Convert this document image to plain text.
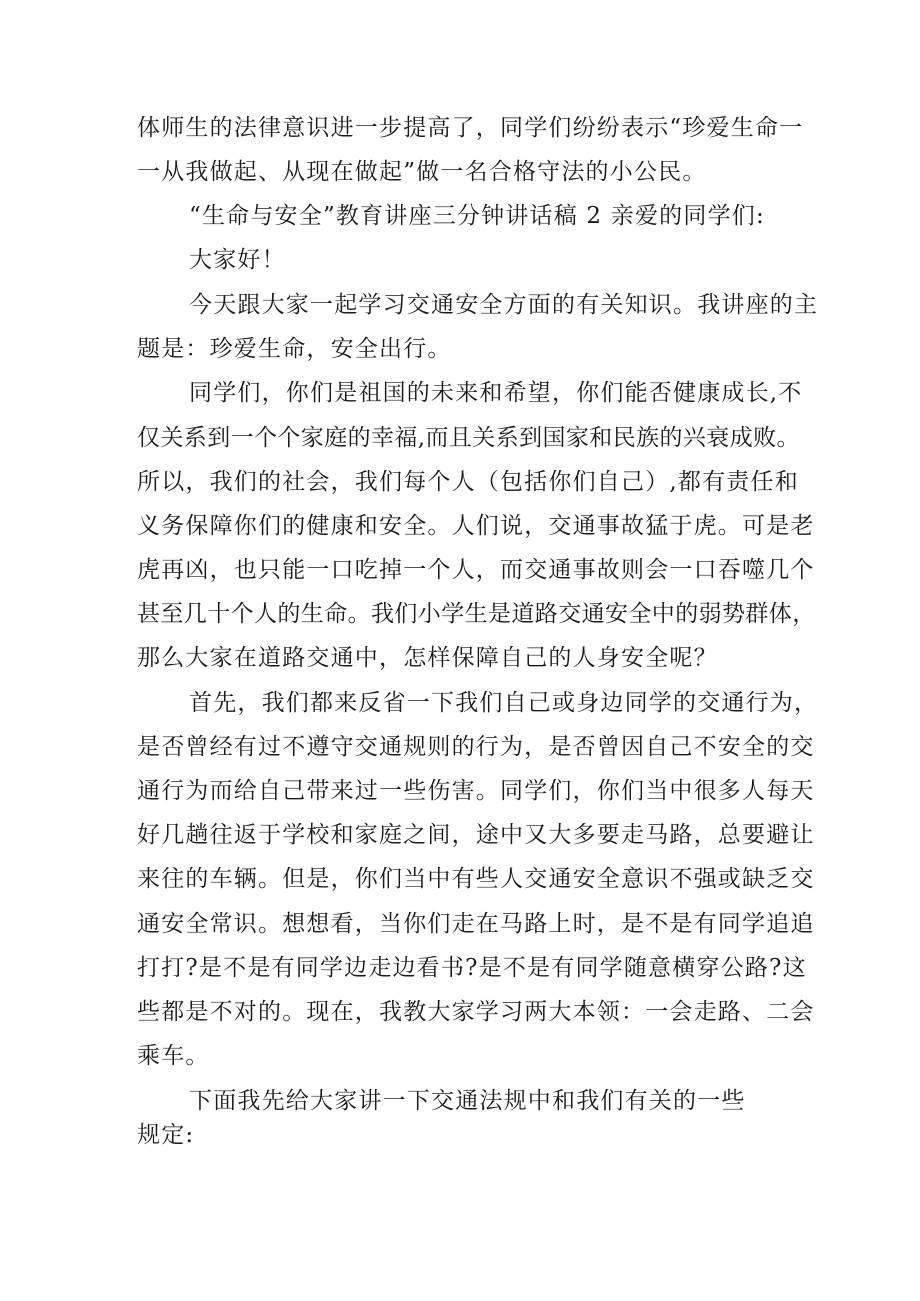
体师生的法律意识进一步提高了，同学们纷纷表示“珍爱生命一
一从我做起、从现在做起”做一名合格守法的小公民。
“生命与安全”教育讲座三分钟讲话稿 2 亲爱的同学们:
大家好！
今天跟大家一起学习交通安全方面的有关知识。我讲座的主
题是：珍爱生命，安全出行。
同学们，你们是祖国的未来和希望，你们能否健康成长,不
仅关系到一个个家庭的幸福,而且关系到国家和民族的兴衰成败。
所以，我们的社会，我们每个人（包括你们自己）,都有责任和
义务保障你们的健康和安全。人们说，交通事故猛于虎。可是老
虎再凶，也只能一口吃掉一个人，而交通事故则会一口吞噬几个
甚至几十个人的生命。我们小学生是道路交通安全中的弱势群体，
那么大家在道路交通中，怎样保障自己的人身安全呢？
首先，我们都来反省一下我们自己或身边同学的交通行为，
是否曾经有过不遵守交通规则的行为，是否曾因自己不安全的交
通行为而给自己带来过一些伤害。同学们，你们当中很多人每天
好几趟往返于学校和家庭之间，途中又大多要走马路，总要避让
来往的车辆。但是，你们当中有些人交通安全意识不强或缺乏交
通安全常识。想想看，当你们走在马路上时，是不是有同学追追
打打?是不是有同学边走边看书?是不是有同学随意横穿公路?这
些都是不对的。现在，我教大家学习两大本领：一会走路、二会
乘车。
下面我先给大家讲一下交通法规中和我们有关的一些
规定:
